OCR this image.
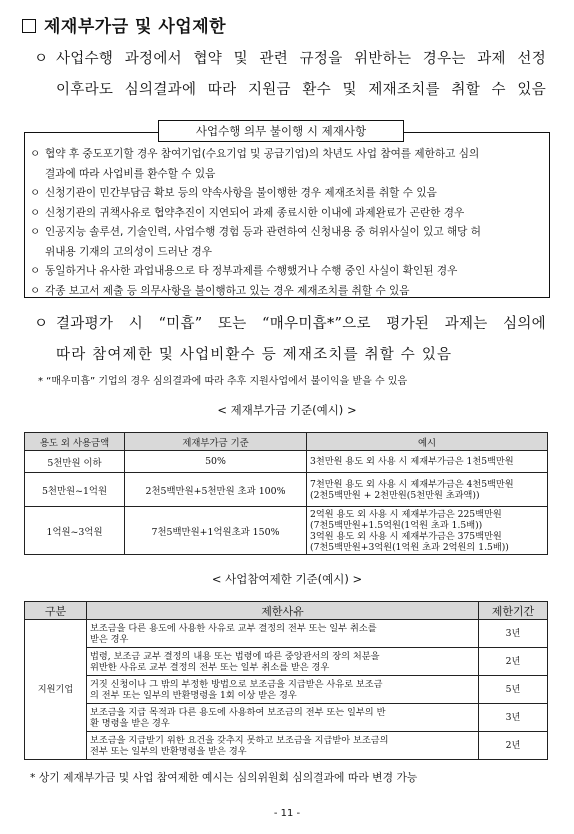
제재부가금 및 사업제한
ㅇ 사업수행 과정에서 협약 및 관련 규정을 위반하는 경우는 과제 선정
이후라도 심의결과에 따라 지원금 환수 및 제재조치를 취할 수 있음
사업수행 의무 불이행 시 제재사항
ㅇ 협약 후 중도포기할 경우 참여기업(수요기업 및 공급기업)의 차년도 사업 참여를 제한하고 심의
결과에 따라 사업비를 환수할 수 있음
ㅇ 신청기관이 민간부담금 확보 등의 약속사항을 불이행한 경우 제재조치를 취할 수 있음
ㅇ 신청기관의 귀책사유로 협약추진이 지연되어 과제 종료시한 이내에 과제완료가 곤란한 경우
ㅇ 인공지능 솔루션, 기술인력, 사업수행 경험 등과 관련하여 신청내용 중 허위사실이 있고 해당 허
위내용 기재의 고의성이 드러난 경우
ㅇ 동일하거나 유사한 과업내용으로 타 정부과제를 수행했거나 수행 중인 사실이 확인된 경우
ㅇ 각종 보고서 제출 등 의무사항을 불이행하고 있는 경우 제재조치를 취할 수 있음
ㅇ 결과평가 시 “미흡” 또는 “매우미흡*”으로 평가된 과제는 심의에
따라 참여제한 및 사업비환수 등 제재조치를 취할 수 있음
* “매우미흡” 기업의 경우 심의결과에 따라 추후 지원사업에서 불이익을 받을 수 있음
< 제재부가금 기준(예시) >
용도 외 사용금액	제재부가금 기준	예시
5천만원 이하	50%	3천만원 용도 외 사용 시 제재부가금은 1천5백만원

5천만원~1억원	2천5백만원+5천만원 초과 100%	7천만원 용도 외 사용 시 제재부가금은 4천5백만원
(2천5백만원 + 2천만원(5천만원 초과액))

1억원~3억원	7천5백만원+1억원초과 150%	2억원 용도 외 사용 시 제재부가금은 225백만원
(7천5백만원+1.5억원(1억원 초과 1.5배))
3억원 용도 외 사용 시 제재부가금은 375백만원
(7천5백만원+3억원(1억원 초과 2억원의 1.5배))
< 사업참여제한 기준(예시) >
구분	제한사유	제한기간
지원기업	보조금을 다른 용도에 사용한 사유로 교부 결정의 전부 또는 일부 취소를
받은 경우	3년

	법령, 보조금 교부 결정의 내용 또는 법령에 따른 중앙관서의 장의 처분을
위반한 사유로 교부 결정의 전부 또는 일부 취소를 받은 경우	2년

	거짓 신청이나 그 밖의 부정한 방법으로 보조금을 지급받은 사유로 보조금
의 전부 또는 일부의 반환명령을 1회 이상 받은 경우	5년

	보조금을 지급 목적과 다른 용도에 사용하여 보조금의 전부 또는 일부의 반
환 명령을 받은 경우	3년

	보조금을 지급받기 위한 요건을 갖추지 못하고 보조금을 지급받아 보조금의
전부 또는 일부의 반환명령을 받은 경우	2년
* 상기 제재부가금 및 사업 참여제한 예시는 심의위원회 심의결과에 따라 변경 가능
- 11 -
